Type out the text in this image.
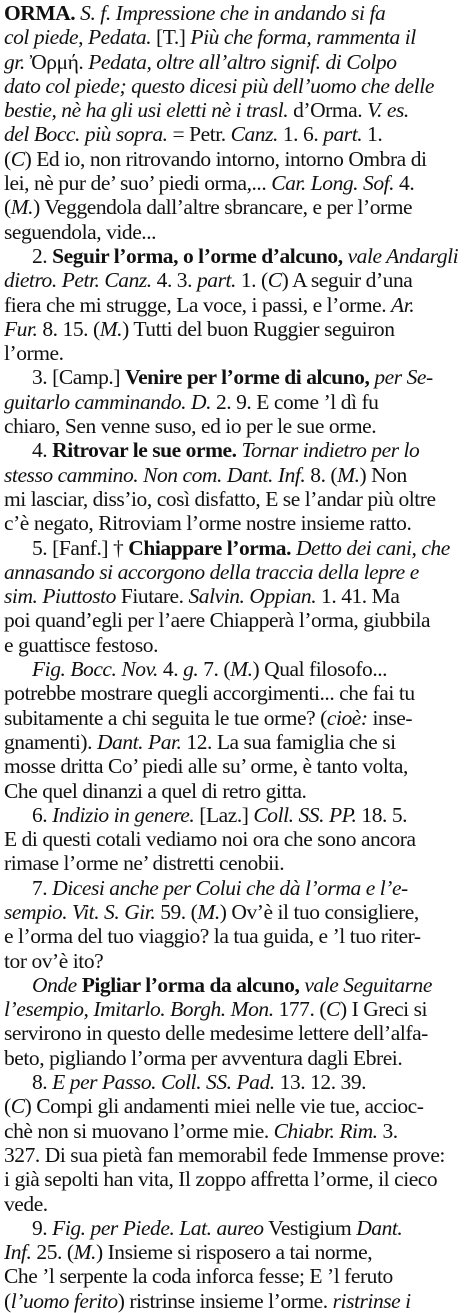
ORMA. S. f. Impressione che in andando si fa
col piede, Pedata. [T.] Più che forma, rammenta il
gr. Ὀρμή. Pedata, oltre all’altro signif. di Colpo
dato col piede; questo dicesi più dell’uomo che delle
bestie, nè ha gli usi eletti nè i trasl. d’Orma. V. es.
del Bocc. più sopra. = Petr. Canz. 1. 6. part. 1.
(C) Ed io, non ritrovando intorno, intorno Ombra di
lei, nè pur de’ suo’ piedi orma,... Car. Long. Sof. 4.
(M.) Veggendola dall’altre sbrancare, e per l’orme
seguendola, vide...
2. Seguir l’orma, o l’orme d’alcuno, vale Andargli
dietro. Petr. Canz. 4. 3. part. 1. (C) A seguir d’una
fiera che mi strugge, La voce, i passi, e l’orme. Ar.
Fur. 8. 15. (M.) Tutti del buon Ruggier seguiron
l’orme.
3. [Camp.] Venire per l’orme di alcuno, per Se-
guitarlo camminando. D. 2. 9. E come ’l dì fu
chiaro, Sen venne suso, ed io per le sue orme.
4. Ritrovar le sue orme. Tornar indietro per lo
stesso cammino. Non com. Dant. Inf. 8. (M.) Non
mi lasciar, diss’io, così disfatto, E se l’andar più oltre
c’è negato, Ritroviam l’orme nostre insieme ratto.
5. [Fanf.] † Chiappare l’orma. Detto dei cani, che
annasando si accorgono della traccia della lepre e
sim. Piuttosto Fiutare. Salvin. Oppian. 1. 41. Ma
poi quand’egli per l’aere Chiapperà l’orma, giubbila
e guattisce festoso.
Fig. Bocc. Nov. 4. g. 7. (M.) Qual filosofo...
potrebbe mostrare quegli accorgimenti... che fai tu
subitamente a chi seguita le tue orme? (cioè: inse-
gnamenti). Dant. Par. 12. La sua famiglia che si
mosse dritta Co’ piedi alle su’ orme, è tanto volta,
Che quel dinanzi a quel di retro gitta.
6. Indizio in genere. [Laz.] Coll. SS. PP. 18. 5.
E di questi cotali vediamo noi ora che sono ancora
rimase l’orme ne’ distretti cenobii.
7. Dicesi anche per Colui che dà l’orma e l’e-
sempio. Vit. S. Gir. 59. (M.) Ov’è il tuo consigliere,
e l’orma del tuo viaggio? la tua guida, e ’l tuo riter-
tor ov’è ito?
Onde Pigliar l’orma da alcuno, vale Seguitarne
l’esempio, Imitarlo. Borgh. Mon. 177. (C) I Greci si
servirono in questo delle medesime lettere dell’alfa-
beto, pigliando l’orma per avventura dagli Ebrei.
8. E per Passo. Coll. SS. Pad. 13. 12. 39.
(C) Compi gli andamenti miei nelle vie tue, accioc-
chè non si muovano l’orme mie. Chiabr. Rim. 3.
327. Di sua pietà fan memorabil fede Immense prove:
i già sepolti han vita, Il zoppo affretta l’orme, il cieco
vede.
9. Fig. per Piede. Lat. aureo Vestigium Dant.
Inf. 25. (M.) Insieme si risposero a tai norme,
Che ’l serpente la coda inforca fesse; E ’l feruto
(l’uomo ferito) ristrinse insieme l’orme. ristrinse i
